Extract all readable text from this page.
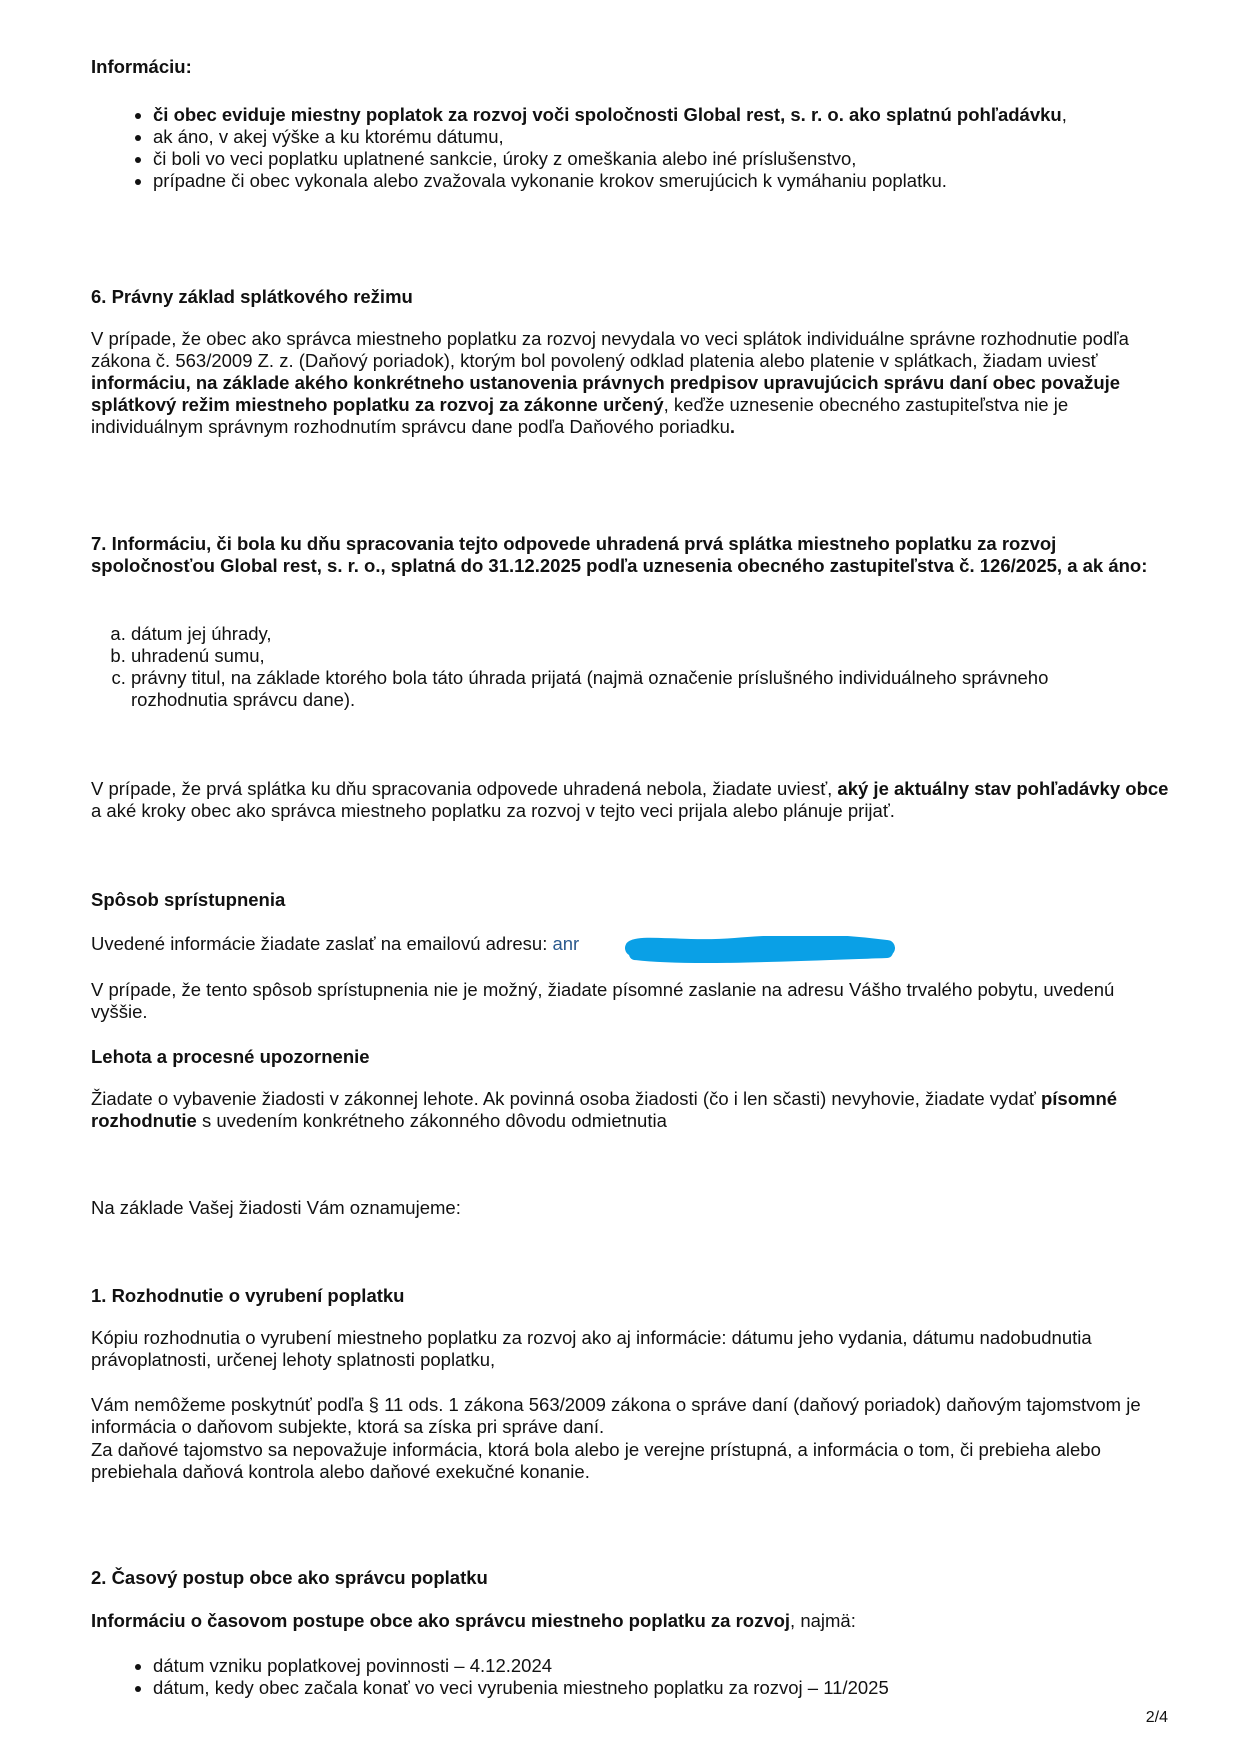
Informáciu:
• či obec eviduje miestny poplatok za rozvoj voči spoločnosti Global rest, s. r. o. ako splatnú pohľadávku,
• ak áno, v akej výške a ku ktorému dátumu,
• či boli vo veci poplatku uplatnené sankcie, úroky z omeškania alebo iné príslušenstvo,
• prípadne či obec vykonala alebo zvažovala vykonanie krokov smerujúcich k vymáhaniu poplatku.
6. Právny základ splátkového režimu

V prípade, že obec ako správca miestneho poplatku za rozvoj nevydala vo veci splátok individuálne správne rozhodnutie podľa zákona č. 563/2009 Z. z. (Daňový poriadok), ktorým bol povolený odklad platenia alebo platenie v splátkach, žiadam uviesť informáciu, na základe akého konkrétneho ustanovenia právnych predpisov upravujúcich správu daní obec považuje splátkový režim miestneho poplatku za rozvoj za zákonne určený, keďže uznesenie obecného zastupiteľstva nie je individuálnym správnym rozhodnutím správcu dane podľa Daňového poriadku.

7. Informáciu, či bola ku dňu spracovania tejto odpovede uhradená prvá splátka miestneho poplatku za rozvoj spoločnosťou Global rest, s. r. o., splatná do 31.12.2025 podľa uznesenia obecného zastupiteľstva č. 126/2025, a ak áno:

a. dátum jej úhrady,
b. uhradenú sumu,
c. právny titul, na základe ktorého bola táto úhrada prijatá (najmä označenie príslušného individuálneho správneho rozhodnutia správcu dane).

V prípade, že prvá splátka ku dňu spracovania odpovede uhradená nebola, žiadate uviesť, aký je aktuálny stav pohľadávky obce a aké kroky obec ako správca miestneho poplatku za rozvoj v tejto veci prijala alebo plánuje prijať.

Spôsob sprístupnenia

Uvedené informácie žiadate zaslať na emailovú adresu: anr

V prípade, že tento spôsob sprístupnenia nie je možný, žiadate písomné zaslanie na adresu Vášho trvalého pobytu, uvedenú vyššie.

Lehota a procesné upozornenie

Žiadate o vybavenie žiadosti v zákonnej lehote. Ak povinná osoba žiadosti (čo i len sčasti) nevyhovie, žiadate vydať písomné rozhodnutie s uvedením konkrétneho zákonného dôvodu odmietnutia

Na základe Vašej žiadosti Vám oznamujeme:

1. Rozhodnutie o vyrubení poplatku

Kópiu rozhodnutia o vyrubení miestneho poplatku za rozvoj ako aj informácie: dátumu jeho vydania, dátumu nadobudnutia právoplatnosti, určenej lehoty splatnosti poplatku,

Vám nemôžeme poskytnúť podľa § 11 ods. 1 zákona 563/2009 zákona o správe daní (daňový poriadok) daňovým tajomstvom je informácia o daňovom subjekte, ktorá sa získa pri správe daní.

Za daňové tajomstvo sa nepovažuje informácia, ktorá bola alebo je verejne prístupná, a informácia o tom, či prebieha alebo prebiehala daňová kontrola alebo daňové exekučné konanie.

2. Časový postup obce ako správcu poplatku

Informáciu o časovom postupe obce ako správcu miestneho poplatku za rozvoj, najmä:

• dátum vzniku poplatkovej povinnosti – 4.12.2024
• dátum, kedy obec začala konať vo veci vyrubenia miestneho poplatku za rozvoj – 11/2025
2/4
